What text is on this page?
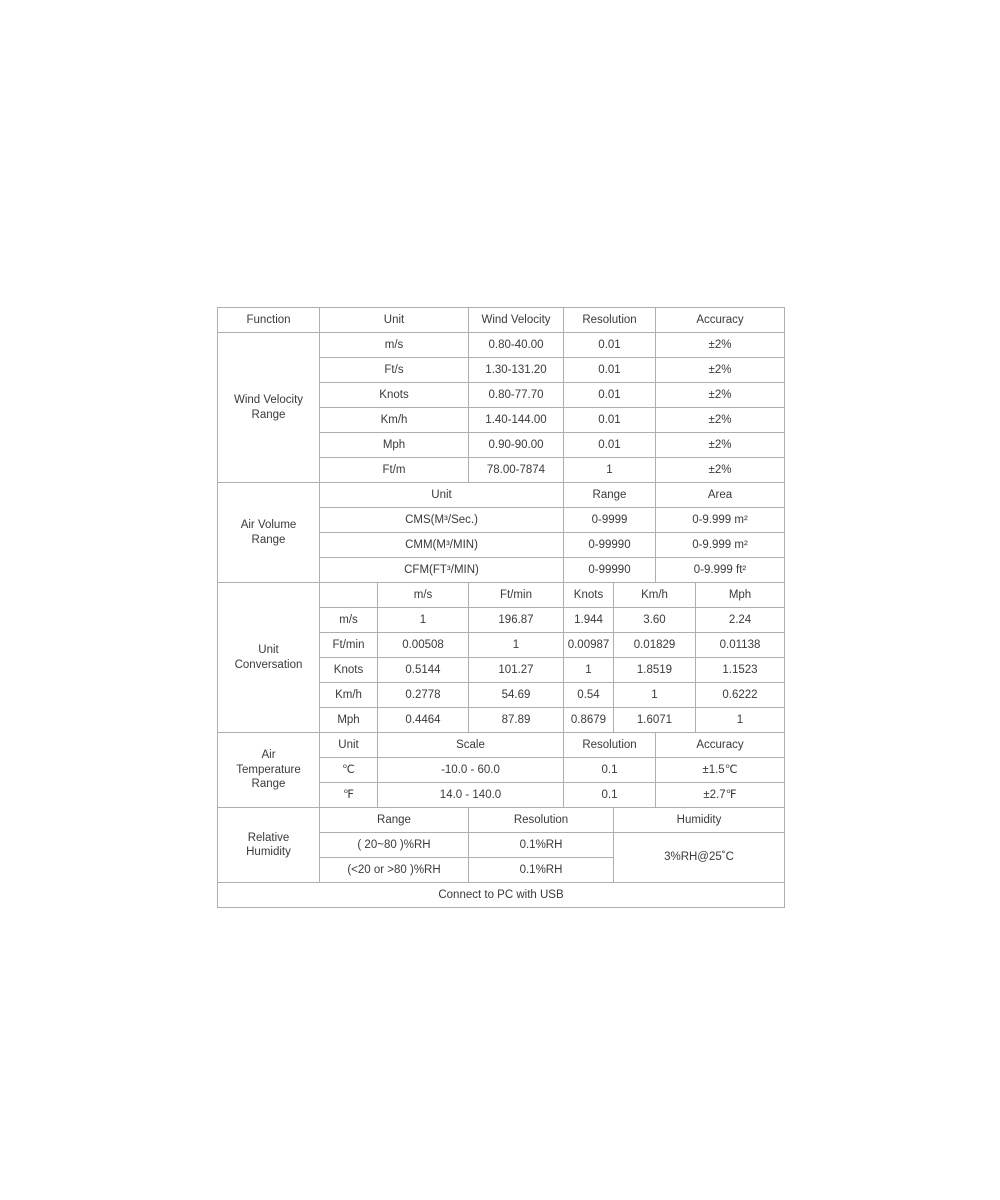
Function	Unit		Wind Velocity	Resolution		Accuracy	
Wind Velocity
Range	m/s		0.80-40.00	0.01		±2%	
	Ft/s		1.30-131.20	0.01		±2%	
	Knots		0.80-77.70	0.01		±2%	
	Km/h		1.40-144.00	0.01		±2%	
	Mph		0.90-90.00	0.01		±2%	
	Ft/m		78.00-7874	1		±2%	
Air Volume
Range	Unit			Range		Area	
	CMS(M³/Sec.)			0-9999		0-9.999 m²	
	CMM(M³/MIN)			0-99990		0-9.999 m²	
	CFM(FT³/MIN)			0-99990		0-9.999 ft²	
Unit
Conversation		m/s	Ft/min	Knots	Km/h		Mph
	m/s	1	196.87	1.944	3.60		2.24
	Ft/min	0.00508	1	0.00987	0.01829		0.01138
	Knots	0.5144	101.27	1	1.8519		1.1523
	Km/h	0.2778	54.69	0.54	1		0.6222
	Mph	0.4464	87.89	0.8679	1.6071		1
Air
Temperature
Range	Unit	Scale		Resolution		Accuracy	
	℃	-10.0 - 60.0		0.1		±1.5℃	
	℉	14.0 - 140.0		0.1		±2.7℉	
Relative
Humidity	Range		Resolution		Humidity		
	( 20~80 )%RH		0.1%RH		3%RH@25˚C		
	(<20 or >80 )%RH		0.1%RH				
Connect to PC with USB							
